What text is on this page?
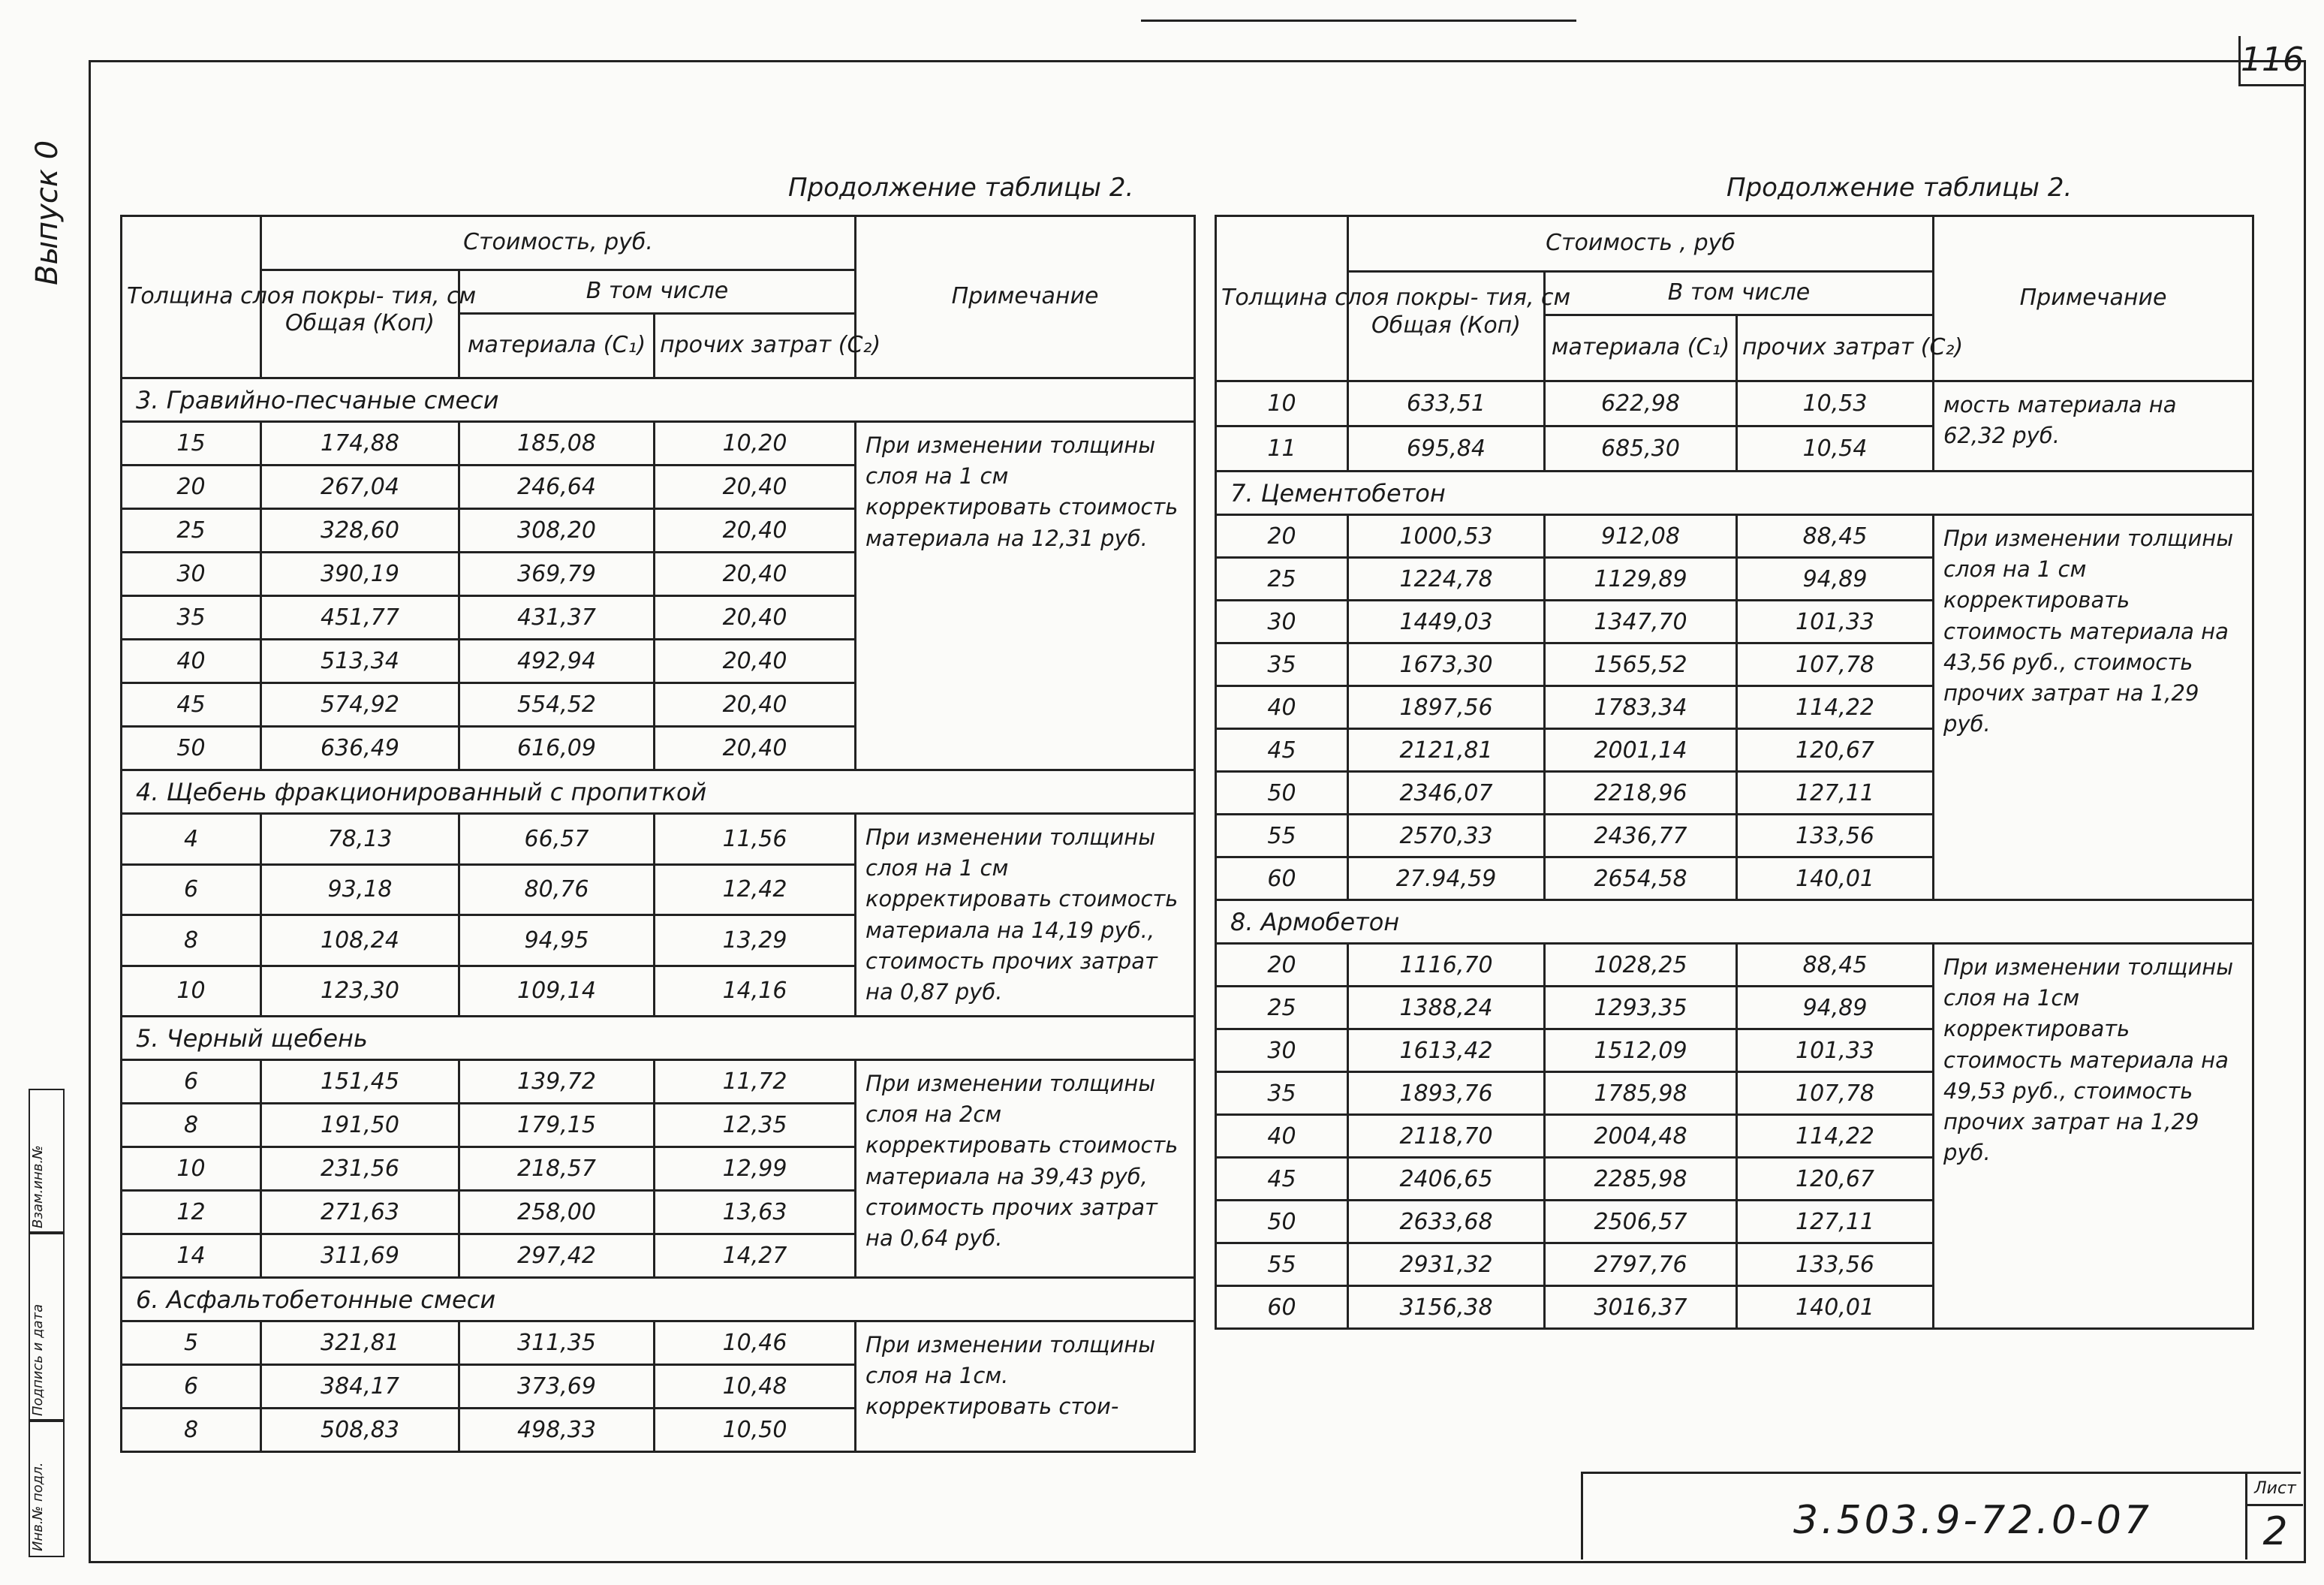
116
Выпуск 0
Инв.№ подл.
Подпись и дата
Взам.инв.№
Продолжение таблицы 2.	Продолжение таблицы 2.
Толщина слоя покры- тия, см	Стоимость, руб.			Примечание
	Общая (Коп)	В том числе		
		материала (С₁)	прочих затрат (С₂)	
3. Гравийно-песчаные смеси				
15	174,88	185,08	10,20	При изменении толщины слоя на 1 см корректировать стоимость материала на 12,31 руб.
20	267,04	246,64	20,40	
25	328,60	308,20	20,40	
30	390,19	369,79	20,40	
35	451,77	431,37	20,40	
40	513,34	492,94	20,40	
45	574,92	554,52	20,40	
50	636,49	616,09	20,40	
4. Щебень фракционированный с пропиткой				
4	78,13	66,57	11,56	При изменении толщины слоя на 1 см корректировать стоимость материала на 14,19 руб., стоимость прочих затрат на 0,87 руб.
6	93,18	80,76	12,42	
8	108,24	94,95	13,29	
10	123,30	109,14	14,16	
5. Черный щебень				
6	151,45	139,72	11,72	При изменении толщины слоя на 2см корректировать стоимость материала на 39,43 руб, стоимость прочих затрат на 0,64 руб.
8	191,50	179,15	12,35	
10	231,56	218,57	12,99	
12	271,63	258,00	13,63	
14	311,69	297,42	14,27	
6. Асфальтобетонные смеси				
5	321,81	311,35	10,46	При изменении толщины слоя на 1см. корректировать стои-
6	384,17	373,69	10,48	
8	508,83	498,33	10,50	
Толщина слоя покры- тия, см	Стоимость , руб			Примечание
	Общая (Коп)	В том числе		
		материала (С₁)	прочих затрат (С₂)	
10	633,51	622,98	10,53	мость материала на 62,32 руб.
11	695,84	685,30	10,54	
7. Цементобетон				
20	1000,53	912,08	88,45	При изменении толщины слоя на 1 см корректировать стоимость материала на 43,56 руб., стоимость прочих затрат на 1,29 руб.
25	1224,78	1129,89	94,89	
30	1449,03	1347,70	101,33	
35	1673,30	1565,52	107,78	
40	1897,56	1783,34	114,22	
45	2121,81	2001,14	120,67	
50	2346,07	2218,96	127,11	
55	2570,33	2436,77	133,56	
60	27.94,59	2654,58	140,01	
8. Армобетон				
20	1116,70	1028,25	88,45	При изменении толщины слоя на 1см корректировать стоимость материала на 49,53 руб., стоимость прочих затрат на 1,29 руб.
25	1388,24	1293,35	94,89	
30	1613,42	1512,09	101,33	
35	1893,76	1785,98	107,78	
40	2118,70	2004,48	114,22	
45	2406,65	2285,98	120,67	
50	2633,68	2506,57	127,11	
55	2931,32	2797,76	133,56	
60	3156,38	3016,37	140,01	
3.503.9-72.0-07
Лист
2
